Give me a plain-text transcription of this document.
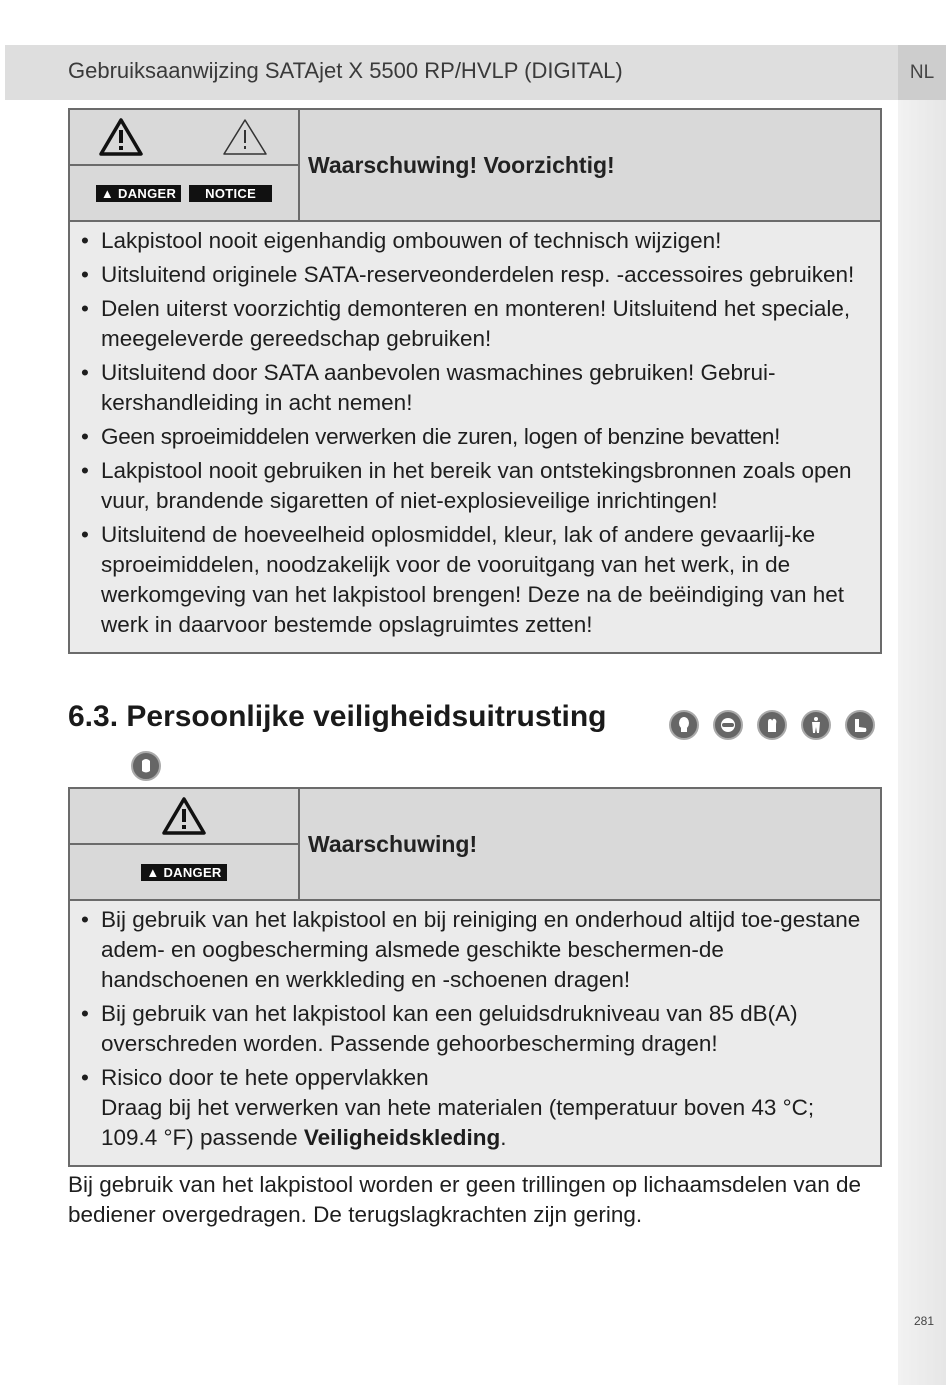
Gebruiksaanwijzing SATAjet X 5500 RP/HVLP (DIGITAL)	NL
▲ DANGER	NOTICE
Waarschuwing! Voorzichtig!
• Lakpistool nooit eigenhandig ombouwen of technisch wijzigen!
• Uitsluitend originele SATA-reserveonderdelen resp. -accessoires gebruiken!
• Delen uiterst voorzichtig demonteren en monteren! Uitsluitend het speciale, meegeleverde gereedschap gebruiken!
• Uitsluitend door SATA aanbevolen wasmachines gebruiken! Gebrui-kershandleiding in acht nemen!
• Geen sproeimiddelen verwerken die zuren, logen of benzine bevatten!
• Lakpistool nooit gebruiken in het bereik van ontstekingsbronnen zoals open vuur, brandende sigaretten of niet-explosieveilige inrichtingen!
• Uitsluitend de hoeveelheid oplosmiddel, kleur, lak of andere gevaarlij-ke sproeimiddelen, noodzakelijk voor de vooruitgang van het werk, in de werkomgeving van het lakpistool brengen! Deze na de beëindiging van het werk in daarvoor bestemde opslagruimtes zetten!
6.3. Persoonlijke veiligheidsuitrusting
▲ DANGER
Waarschuwing!
• Bij gebruik van het lakpistool en bij reiniging en onderhoud altijd toe-gestane adem- en oogbescherming alsmede geschikte beschermen-de handschoenen en werkkleding en -schoenen dragen!
• Bij gebruik van het lakpistool kan een geluidsdrukniveau van 85 dB(A) overschreden worden. Passende gehoorbescherming dragen!
• Risico door te hete oppervlakken
Draag bij het verwerken van hete materialen (temperatuur boven 43 °C; 109.4 °F) passende Veiligheidskleding.
Bij gebruik van het lakpistool worden er geen trillingen op lichaamsdelen van de bediener overgedragen. De terugslagkrachten zijn gering.
281
